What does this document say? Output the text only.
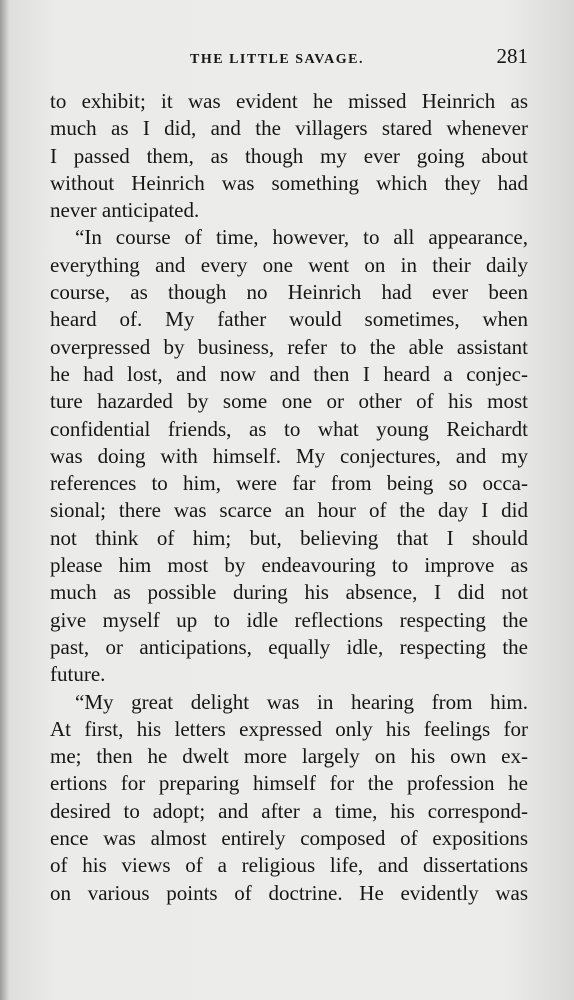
THE LITTLE SAVAGE.	281
to exhibit; it was evident he missed Heinrich as
much as I did, and the villagers stared whenever
I passed them, as though my ever going about
without Heinrich was something which they had
never anticipated.
“In course of time, however, to all appearance,
everything and every one went on in their daily
course, as though no Heinrich had ever been
heard of. My father would sometimes, when
overpressed by business, refer to the able assistant
he had lost, and now and then I heard a conjec-
ture hazarded by some one or other of his most
confidential friends, as to what young Reichardt
was doing with himself. My conjectures, and my
references to him, were far from being so occa-
sional; there was scarce an hour of the day I did
not think of him; but, believing that I should
please him most by endeavouring to improve as
much as possible during his absence, I did not
give myself up to idle reflections respecting the
past, or anticipations, equally idle, respecting the
future.
“My great delight was in hearing from him.
At first, his letters expressed only his feelings for
me; then he dwelt more largely on his own ex-
ertions for preparing himself for the profession he
desired to adopt; and after a time, his correspond-
ence was almost entirely composed of expositions
of his views of a religious life, and dissertations
on various points of doctrine. He evidently was
